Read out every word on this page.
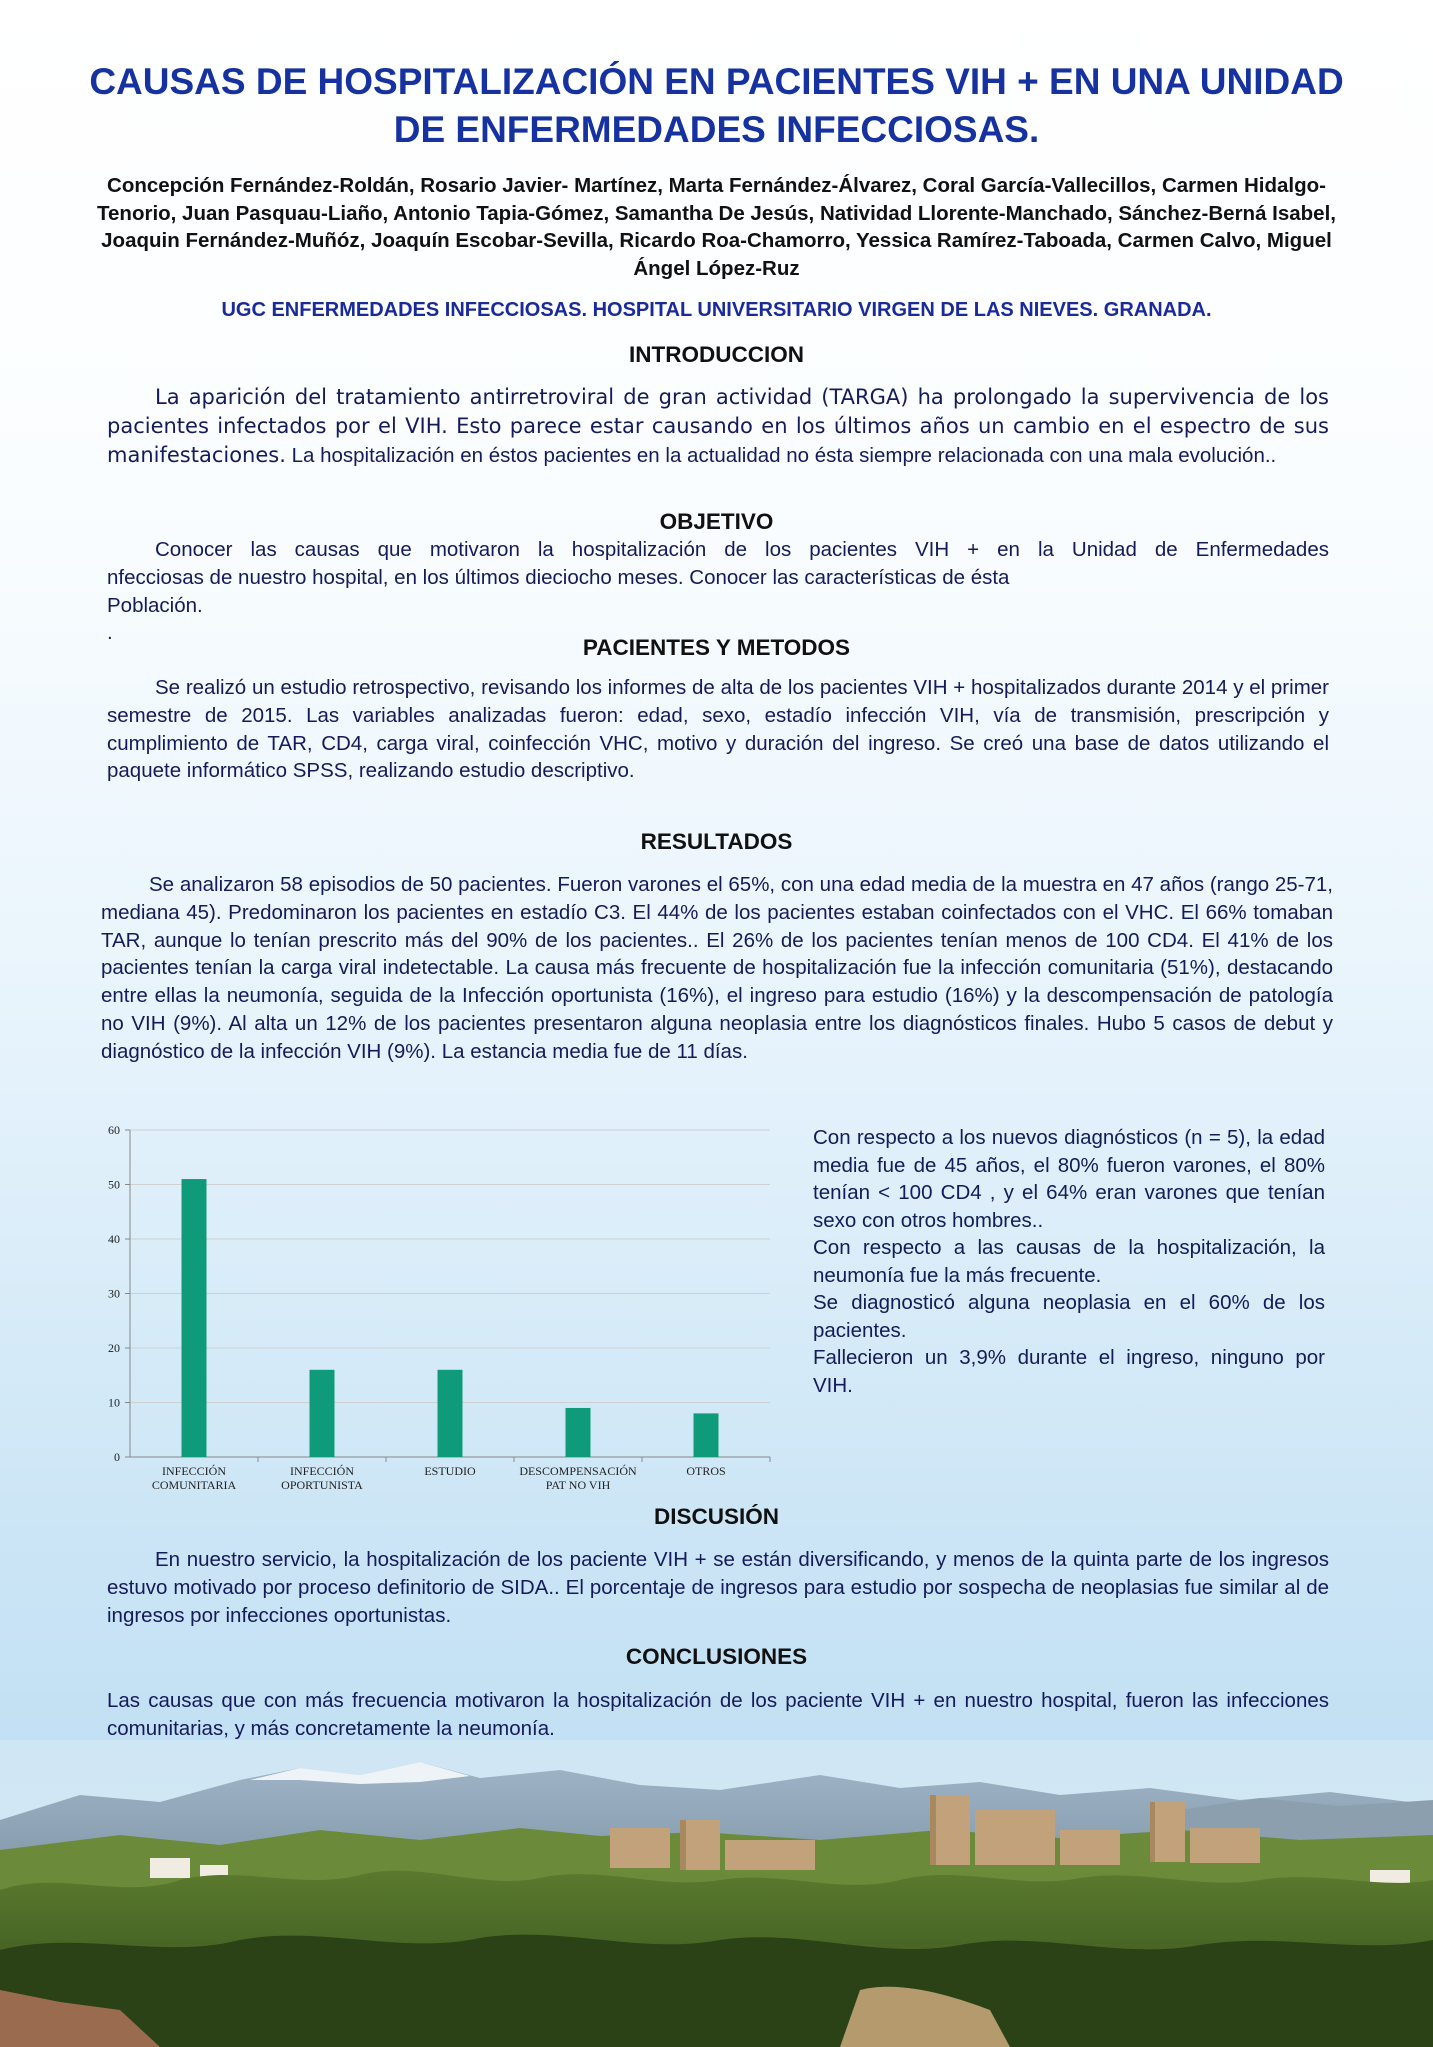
CAUSAS DE HOSPITALIZACIÓN EN PACIENTES VIH + EN UNA UNIDAD DE ENFERMEDADES INFECCIOSAS.

Concepción Fernández-Roldán, Rosario Javier- Martínez, Marta Fernández-Álvarez, Coral García-Vallecillos, Carmen Hidalgo-Tenorio, Juan Pasquau-Liaño, Antonio Tapia-Gómez, Samantha De Jesús, Natividad Llorente-Manchado, Sánchez-Berná Isabel, Joaquin Fernández-Muñóz, Joaquín Escobar-Sevilla, Ricardo Roa-Chamorro, Yessica Ramírez-Taboada, Carmen Calvo, Miguel Ángel López-Ruz

UGC ENFERMEDADES INFECCIOSAS. HOSPITAL UNIVERSITARIO VIRGEN DE LAS NIEVES. GRANADA.

INTRODUCCION

La aparición del tratamiento antirretroviral de gran actividad (TARGA) ha prolongado la supervivencia de los pacientes infectados por el VIH. Esto parece estar causando en los últimos años un cambio en el espectro de sus manifestaciones. La hospitalización en éstos pacientes en la actualidad no ésta siempre relacionada con una mala evolución..

OBJETIVO
Conocer las causas que motivaron la hospitalización de los pacientes VIH + en la Unidad de Enfermedades
nfecciosas de nuestro hospital, en los últimos dieciocho meses. Conocer las características de ésta
Población.
.
PACIENTES Y METODOS

Se realizó un estudio retrospectivo, revisando los informes de alta de los pacientes VIH + hospitalizados durante 2014 y el primer semestre de 2015. Las variables analizadas fueron: edad, sexo, estadío infección VIH, vía de transmisión, prescripción y cumplimiento de TAR, CD4, carga viral, coinfección VHC, motivo y duración del ingreso. Se creó una base de datos utilizando el paquete informático SPSS, realizando estudio descriptivo.

RESULTADOS

Se analizaron 58 episodios de 50 pacientes. Fueron varones el 65%, con una edad media de la muestra en 47 años (rango 25-71, mediana 45). Predominaron los pacientes en estadío C3. El 44% de los pacientes estaban coinfectados con el VHC. El 66% tomaban TAR, aunque lo tenían prescrito más del 90% de los pacientes.. El 26% de los pacientes tenían menos de 100 CD4. El 41% de los pacientes tenían la carga viral indetectable. La causa más frecuente de hospitalización fue la infección comunitaria (51%), destacando entre ellas la neumonía, seguida de la Infección oportunista (16%), el ingreso para estudio (16%) y la descompensación de patología no VIH (9%). Al alta un 12% de los pacientes presentaron alguna neoplasia entre los diagnósticos finales. Hubo 5 casos de debut y diagnóstico de la infección VIH (9%). La estancia media fue de 11 días.

0
10
20
30
40
50
60
INFECCIÓN
COMUNITARIA
INFECCIÓN
OPORTUNISTA
ESTUDIO	DESCOMPENSACIÓN
PAT NO VIH
OTROS

Con respecto a los nuevos diagnósticos (n = 5), la edad media fue de 45 años, el 80% fueron varones, el 80% tenían < 100 CD4 , y el 64% eran varones que tenían sexo con otros hombres..

Con respecto a las causas de la hospitalización, la neumonía fue la más frecuente.

Se diagnosticó alguna neoplasia en el 60% de los pacientes.

Fallecieron un 3,9% durante el ingreso, ninguno por VIH.

DISCUSIÓN

En nuestro servicio, la hospitalización de los paciente VIH + se están diversificando, y menos de la quinta parte de los ingresos estuvo motivado por proceso definitorio de SIDA.. El porcentaje de ingresos para estudio por sospecha de neoplasias fue similar al de ingresos por infecciones oportunistas.

CONCLUSIONES

Las causas que con más frecuencia motivaron la hospitalización de los paciente VIH + en nuestro hospital, fueron las infecciones comunitarias, y más concretamente la neumonía.
